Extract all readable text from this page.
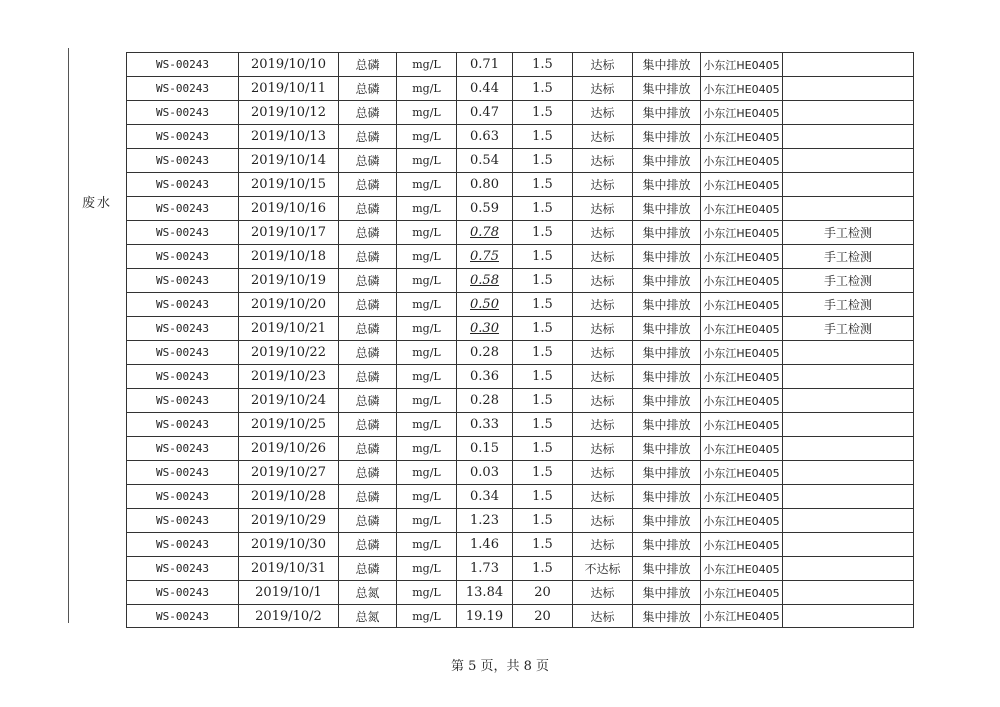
废水
WS-00243	2019/10/10	总磷	mg/L	0.71	1.5	达标	集中排放	小东江HE0405
WS-00243	2019/10/11	总磷	mg/L	0.44	1.5	达标	集中排放	小东江HE0405
WS-00243	2019/10/12	总磷	mg/L	0.47	1.5	达标	集中排放	小东江HE0405
WS-00243	2019/10/13	总磷	mg/L	0.63	1.5	达标	集中排放	小东江HE0405
WS-00243	2019/10/14	总磷	mg/L	0.54	1.5	达标	集中排放	小东江HE0405
WS-00243	2019/10/15	总磷	mg/L	0.80	1.5	达标	集中排放	小东江HE0405
WS-00243	2019/10/16	总磷	mg/L	0.59	1.5	达标	集中排放	小东江HE0405
WS-00243	2019/10/17	总磷	mg/L	0.78	1.5	达标	集中排放	小东江HE0405	手工检测
WS-00243	2019/10/18	总磷	mg/L	0.75	1.5	达标	集中排放	小东江HE0405	手工检测
WS-00243	2019/10/19	总磷	mg/L	0.58	1.5	达标	集中排放	小东江HE0405	手工检测
WS-00243	2019/10/20	总磷	mg/L	0.50	1.5	达标	集中排放	小东江HE0405	手工检测
WS-00243	2019/10/21	总磷	mg/L	0.30	1.5	达标	集中排放	小东江HE0405	手工检测
WS-00243	2019/10/22	总磷	mg/L	0.28	1.5	达标	集中排放	小东江HE0405
WS-00243	2019/10/23	总磷	mg/L	0.36	1.5	达标	集中排放	小东江HE0405
WS-00243	2019/10/24	总磷	mg/L	0.28	1.5	达标	集中排放	小东江HE0405
WS-00243	2019/10/25	总磷	mg/L	0.33	1.5	达标	集中排放	小东江HE0405
WS-00243	2019/10/26	总磷	mg/L	0.15	1.5	达标	集中排放	小东江HE0405
WS-00243	2019/10/27	总磷	mg/L	0.03	1.5	达标	集中排放	小东江HE0405
WS-00243	2019/10/28	总磷	mg/L	0.34	1.5	达标	集中排放	小东江HE0405
WS-00243	2019/10/29	总磷	mg/L	1.23	1.5	达标	集中排放	小东江HE0405
WS-00243	2019/10/30	总磷	mg/L	1.46	1.5	达标	集中排放	小东江HE0405
WS-00243	2019/10/31	总磷	mg/L	1.73	1.5	不达标	集中排放	小东江HE0405
WS-00243	2019/10/1	总氮	mg/L	13.84	20	达标	集中排放	小东江HE0405
WS-00243	2019/10/2	总氮	mg/L	19.19	20	达标	集中排放	小东江HE0405
第 5 页，共 8 页
